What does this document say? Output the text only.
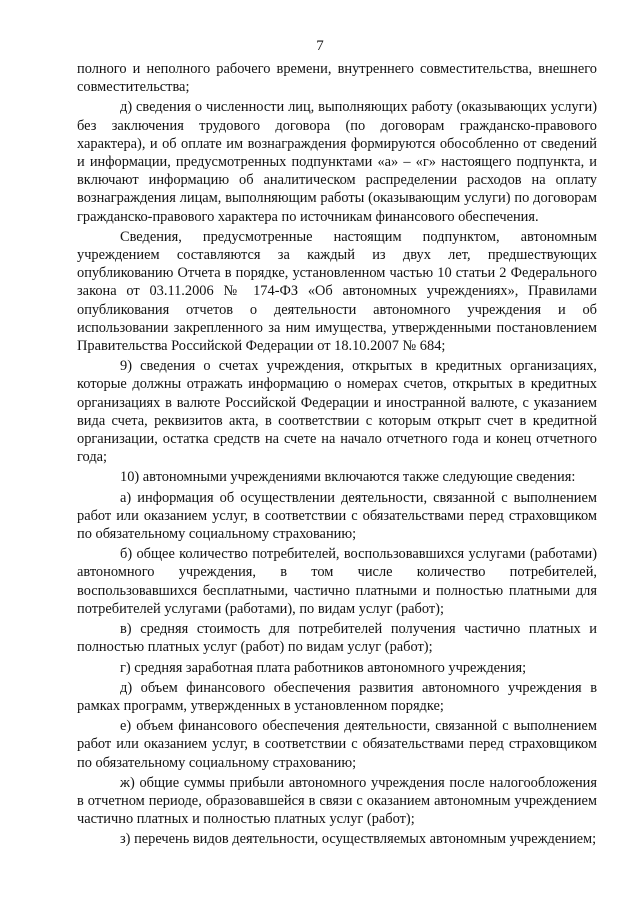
7

полного и неполного рабочего времени, внутреннего совместительства, внешнего совместительства;

д) сведения о численности лиц, выполняющих работу (оказывающих услуги) без заключения трудового договора (по договорам гражданско-правового характера), и об оплате им вознаграждения формируются обособленно от сведений и информации, предусмотренных подпунктами «а» – «г» настоящего подпункта, и включают информацию об аналитическом распределении расходов на оплату вознаграждения лицам, выполняющим работы (оказывающим услуги) по договорам гражданско-правового характера по источникам финансового обеспечения.

Сведения, предусмотренные настоящим подпунктом, автономным учреждением составляются за каждый из двух лет, предшествующих опубликованию Отчета в порядке, установленном частью 10 статьи 2 Федерального закона от 03.11.2006 № 174-ФЗ «Об автономных учреждениях», Правилами опубликования отчетов о деятельности автономного учреждения и об использовании закрепленного за ним имущества, утвержденными постановлением Правительства Российской Федерации от 18.10.2007 № 684;

9) сведения о счетах учреждения, открытых в кредитных организациях, которые должны отражать информацию о номерах счетов, открытых в кредитных организациях в валюте Российской Федерации и иностранной валюте, с указанием вида счета, реквизитов акта, в соответствии с которым открыт счет в кредитной организации, остатка средств на счете на начало отчетного года и конец отчетного года;

10) автономными учреждениями включаются также следующие сведения:

а) информация об осуществлении деятельности, связанной с выполнением работ или оказанием услуг, в соответствии с обязательствами перед страховщиком по обязательному социальному страхованию;

б) общее количество потребителей, воспользовавшихся услугами (работами) автономного учреждения, в том числе количество потребителей, воспользовавшихся бесплатными, частично платными и полностью платными для потребителей услугами (работами), по видам услуг (работ);

в) средняя стоимость для потребителей получения частично платных и полностью платных услуг (работ) по видам услуг (работ);

г) средняя заработная плата работников автономного учреждения;

д) объем финансового обеспечения развития автономного учреждения в рамках программ, утвержденных в установленном порядке;

е) объем финансового обеспечения деятельности, связанной с выполнением работ или оказанием услуг, в соответствии с обязательствами перед страховщиком по обязательному социальному страхованию;

ж) общие суммы прибыли автономного учреждения после налогообложения в отчетном периоде, образовавшейся в связи с оказанием автономным учреждением частично платных и полностью платных услуг (работ);

з) перечень видов деятельности, осуществляемых автономным учреждением;
